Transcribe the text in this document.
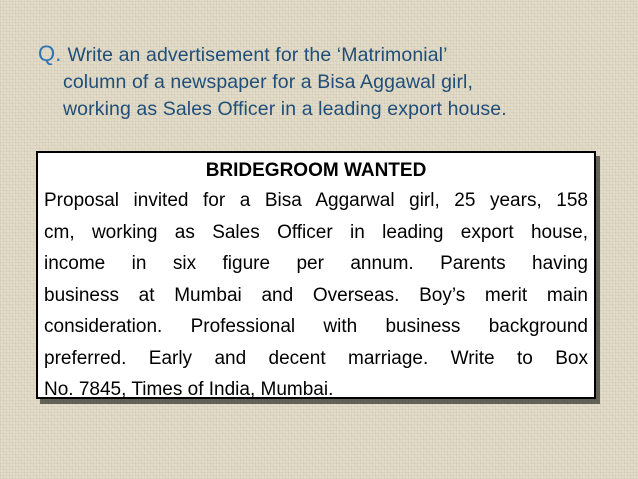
Q. Write an advertisement for the ‘Matrimonial’
column of a newspaper for a Bisa Aggawal girl,
working as Sales Officer in a leading export house.
BRIDEGROOM WANTED
Proposal invited for a Bisa Aggarwal girl, 25 years, 158
cm, working as Sales Officer in leading export house,
income in six figure per annum. Parents having
business at Mumbai and Overseas. Boy’s merit main
consideration. Professional with business background
preferred. Early and decent marriage. Write to Box
No. 7845, Times of India, Mumbai.
